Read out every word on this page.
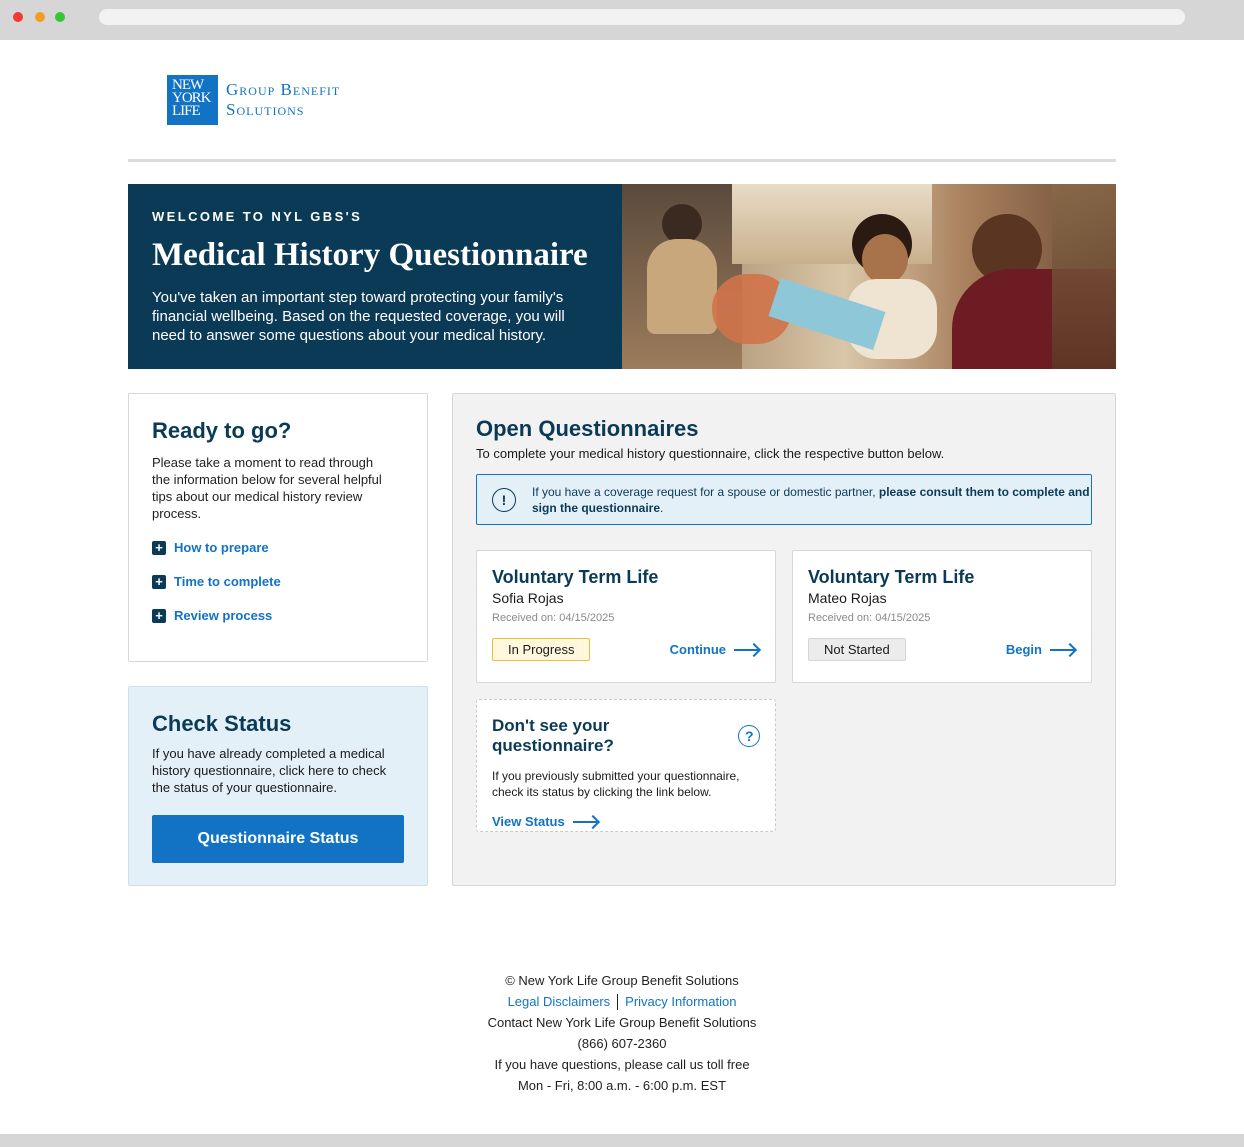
NEW
YORK
LIFE
Group Benefit
Solutions
WELCOME TO NYL GBS'S
Medical History Questionnaire

You've taken an important step toward protecting your family's financial wellbeing. Based on the requested coverage, you will need to answer some questions about your medical history.

Ready to go?

Please take a moment to read through the information below for several helpful tips about our medical history review process.

+ How to prepare
+ Time to complete
+ Review process
Check Status

If you have already completed a medical history questionnaire, click here to check the status of your questionnaire.

Questionnaire Status
Open Questionnaires

To complete your medical history questionnaire, click the respective button below.

!	If you have a coverage request for a spouse or domestic partner, please consult them to complete and sign the questionnaire.
Voluntary Term Life
Sofia Rojas
Received on: 04/15/2025
In Progress	Continue
Voluntary Term Life
Mateo Rojas
Received on: 04/15/2025
Not Started	Begin
Don't see your questionnaire?	?

If you previously submitted your questionnaire, check its status by clicking the link below.

View Status
© New York Life Group Benefit Solutions
Legal Disclaimers Privacy Information
Contact New York Life Group Benefit Solutions
(866) 607-2360
If you have questions, please call us toll free
Mon - Fri, 8:00 a.m. - 6:00 p.m. EST
